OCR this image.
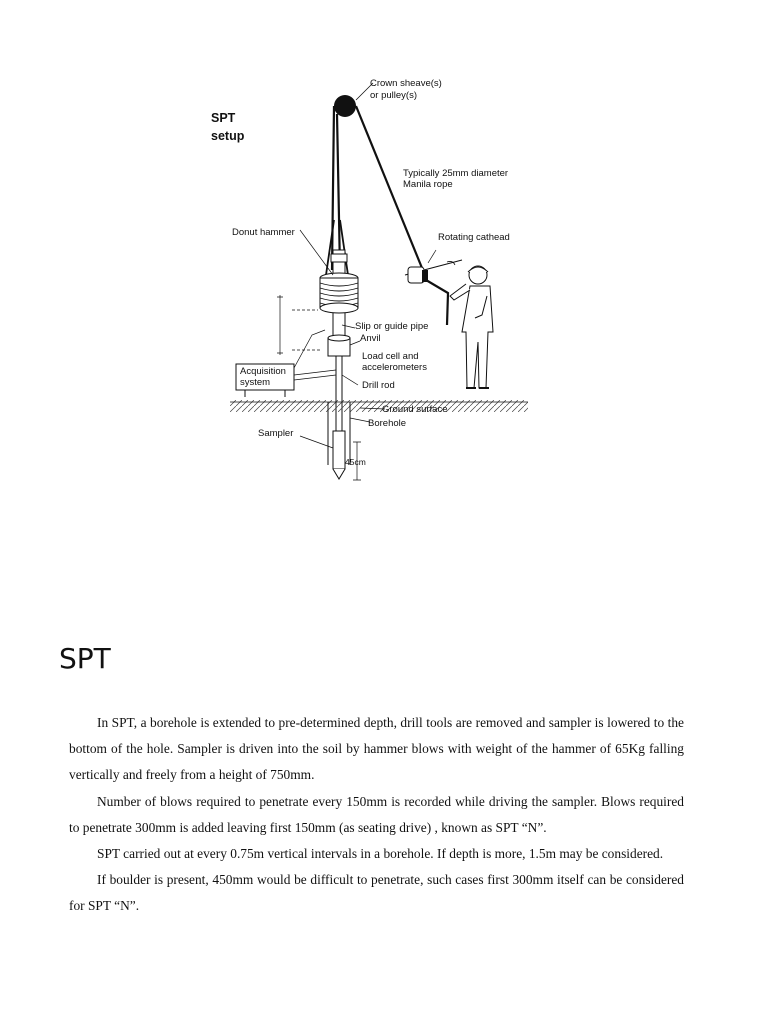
SPT
setup
Crown sheave(s)
or pulley(s)
Typically 25mm diameter
Manila rope
Donut hammer	Rotating cathead
Slip or guide pipe
Anvil
Load cell and
accelerometers
Acquisition
system	Drill rod
Ground surface
Borehole
Sampler
45cm
SPT

In SPT, a borehole is extended to pre-determined depth, drill tools are removed and sampler is lowered to the bottom of the hole. Sampler is driven into the soil by hammer blows with weight of the hammer of 65Kg falling vertically and freely from a height of 750mm.

Number of blows required to penetrate every 150mm is recorded while driving the sampler. Blows required to penetrate 300mm is added leaving first 150mm (as seating drive) , known as SPT “N”.

SPT carried out at every 0.75m vertical intervals in a borehole. If depth is more, 1.5m may be considered.

If boulder is present, 450mm would be difficult to penetrate, such cases first 300mm itself can be considered for SPT “N”.
